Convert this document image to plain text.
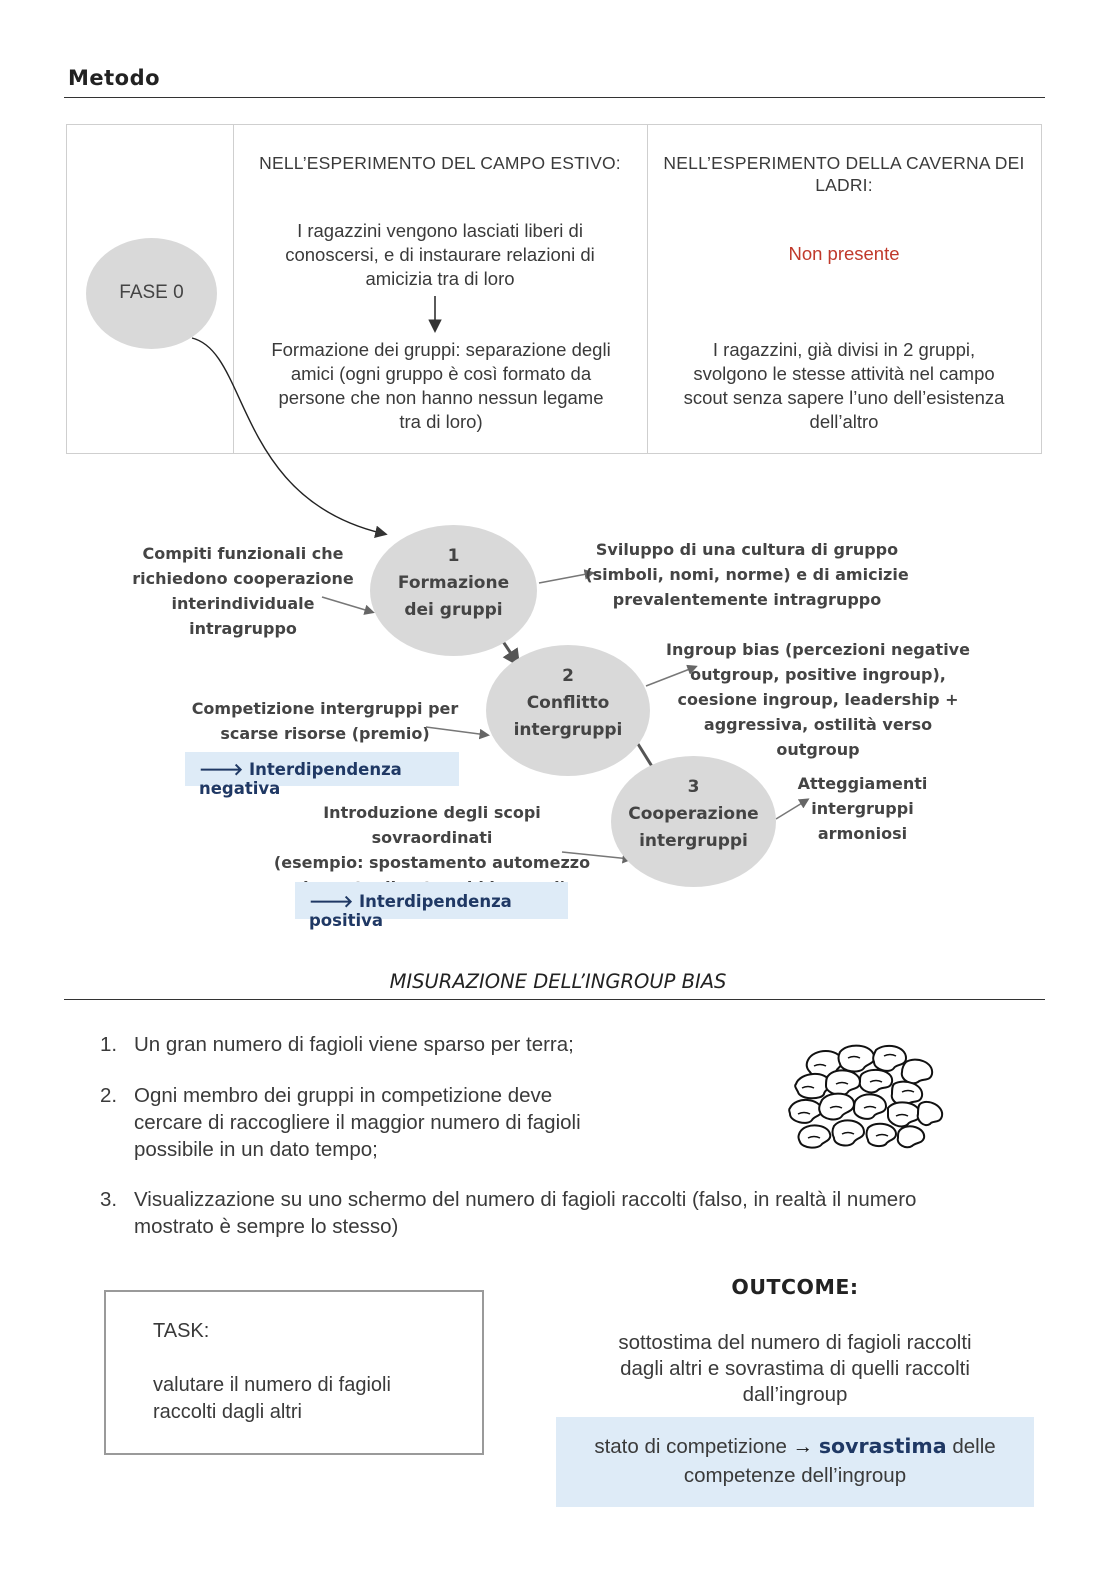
Metodo
NELL’ESPERIMENTO DEL CAMPO ESTIVO:	NELL’ESPERIMENTO DELLA CAVERNA DEI
LADRI:
FASE 0
I ragazzini vengono lasciati liberi di
conoscersi, e di instaurare relazioni di
amicizia tra di loro
Formazione dei gruppi: separazione degli
amici (ogni gruppo è così formato da
persone che non hanno nessun legame
tra di loro)
Non presente
I ragazzini, già divisi in 2 gruppi,
svolgono le stesse attività nel campo
scout senza sapere l’uno dell’esistenza
dell’altro
1
Formazione
dei gruppi
2
Conflitto
intergruppi
3
Cooperazione
intergruppi
Compiti funzionali che
richiedono cooperazione
interindividuale
intragruppo
Sviluppo di una cultura di gruppo
(simboli, nomi, norme) e di amicizie
prevalentemente intragruppo
Competizione intergruppi per
scarse risorse (premio)
🡒 Interdipendenza negativa
Ingroup bias (percezioni negative
outgroup, positive ingroup),
coesione ingroup, leadership +
aggressiva, ostilità verso outgroup
Introduzione degli scopi sovraordinati
(esempio: spostamento automezzo
🡒 Interdipendenza positiva
Atteggiamenti
intergruppi
armoniosi
MISURAZIONE DELL’INGROUP BIAS
1. Un gran numero di fagioli viene sparso per terra;
2. Ogni membro dei gruppi in competizione deve
cercare di raccogliere il maggior numero di fagioli
possibile in un dato tempo;
3. Visualizzazione su uno schermo del numero di fagioli raccolti (falso, in realtà il numero
mostrato è sempre lo stesso)
TASK:
valutare il numero di fagioli
raccolti dagli altri
OUTCOME:
sottostima del numero di fagioli raccolti
dagli altri e sovrastima di quelli raccolti
dall’ingroup
stato di competizione → sovrastima delle
competenze dell’ingroup
